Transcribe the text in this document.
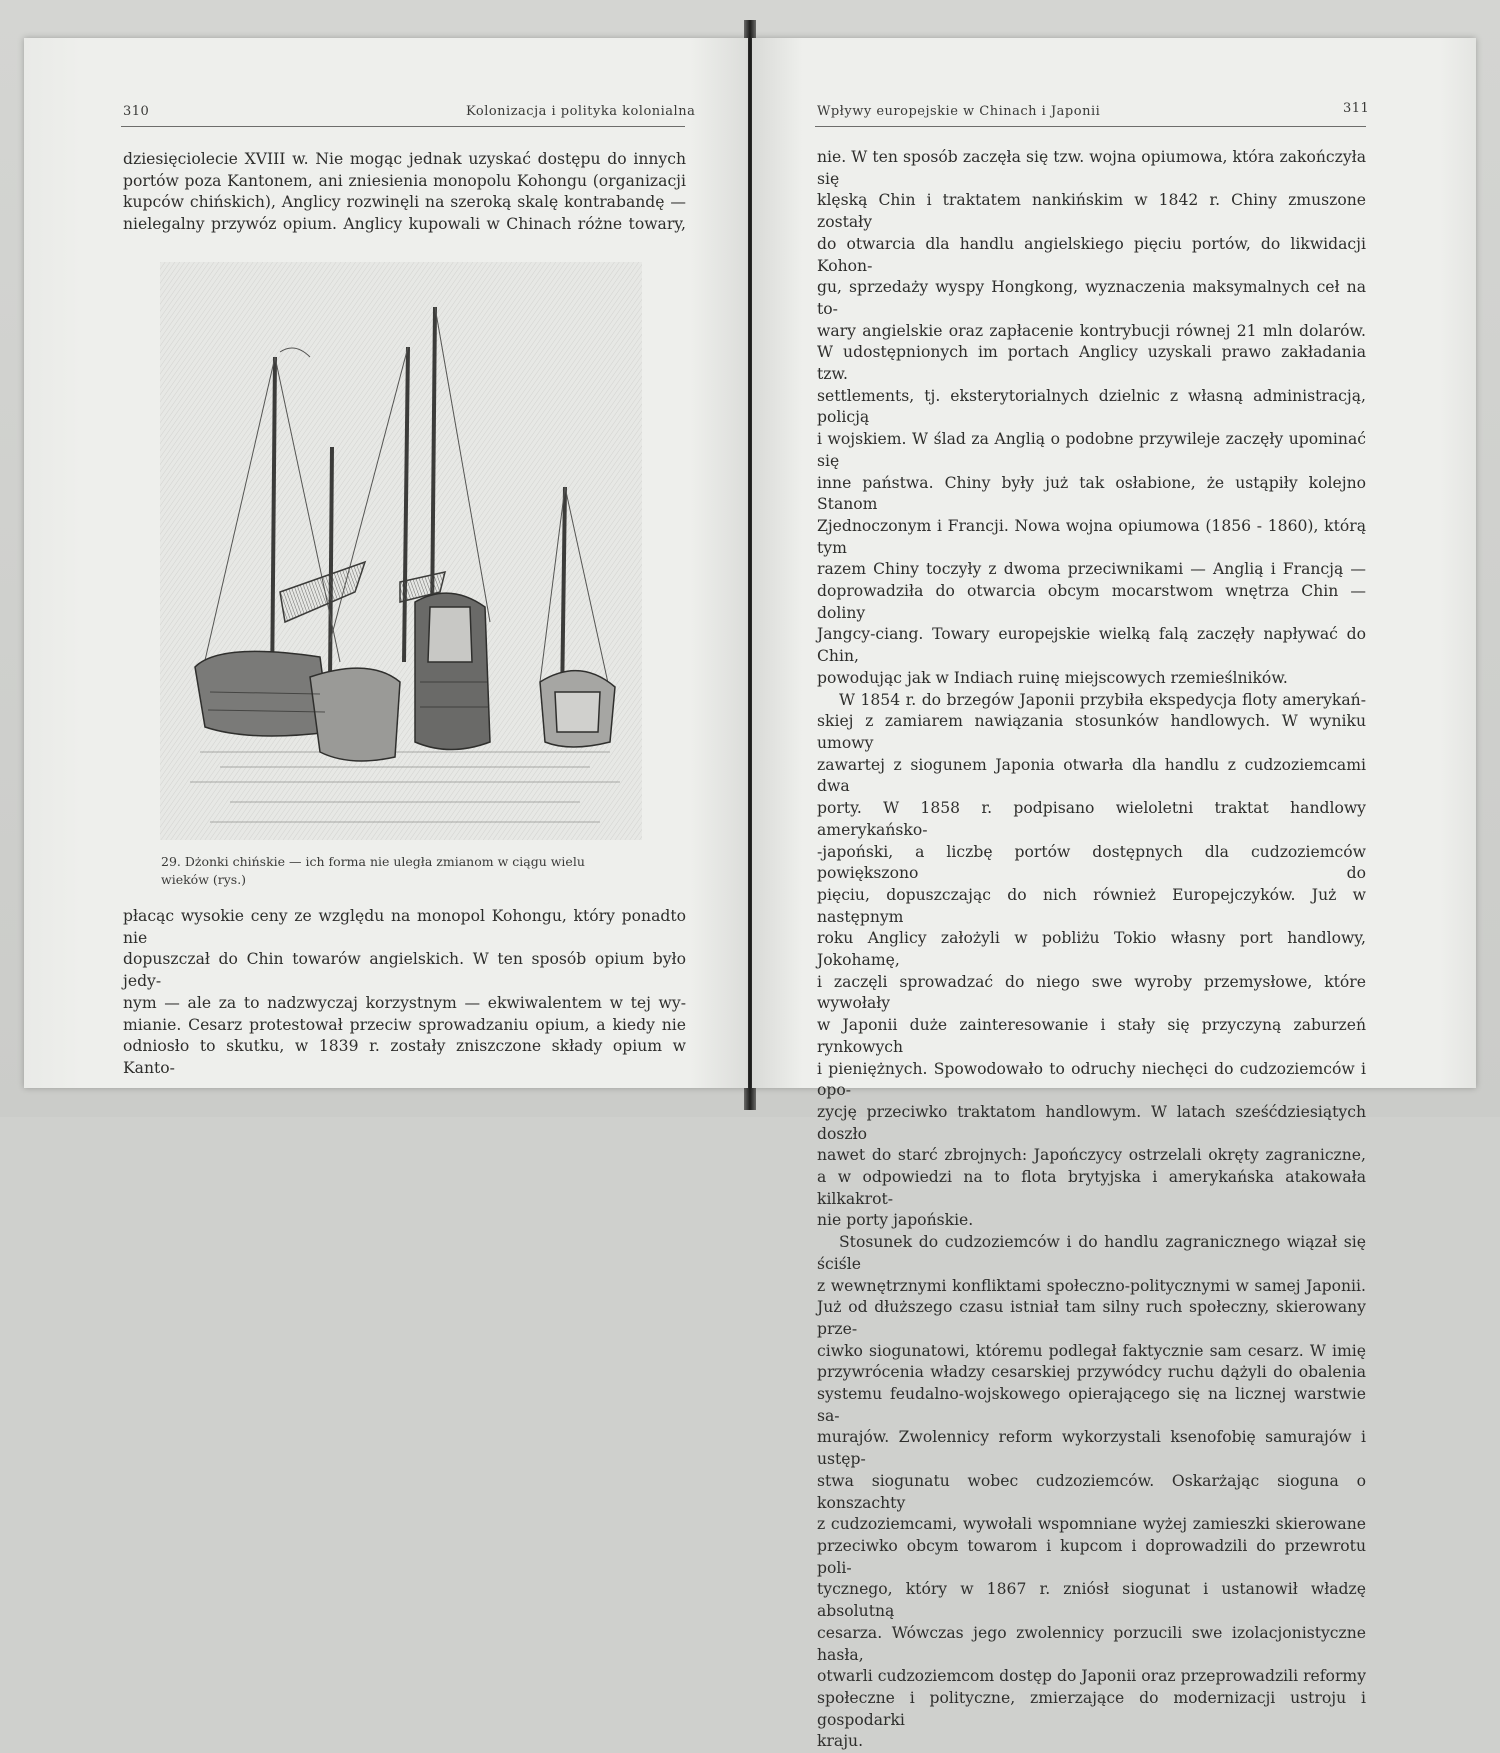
310	Kolonizacja i polityka kolonialna
dziesięciolecie XVIII w. Nie mogąc jednak uzyskać dostępu do innych
portów poza Kantonem, ani zniesienia monopolu Kohongu (organizacji
kupców chińskich), Anglicy rozwinęli na szeroką skalę kontrabandę —
nielegalny przywóz opium. Anglicy kupowali w Chinach różne towary,
29. Dżonki chińskie — ich forma nie uległa zmianom w ciągu wielu
wieków (rys.)
płacąc wysokie ceny ze względu na monopol Kohongu, który ponadto nie
dopuszczał do Chin towarów angielskich. W ten sposób opium było jedy-
nym — ale za to nadzwyczaj korzystnym — ekwiwalentem w tej wy-
mianie. Cesarz protestował przeciw sprowadzaniu opium, a kiedy nie
odniosło to skutku, w 1839 r. zostały zniszczone składy opium w Kanto-
Wpływy europejskie w Chinach i Japonii	311
nie. W ten sposób zaczęła się tzw. wojna opiumowa, która zakończyła się
klęską Chin i traktatem nankińskim w 1842 r. Chiny zmuszone zostały
do otwarcia dla handlu angielskiego pięciu portów, do likwidacji Kohon-
gu, sprzedaży wyspy Hongkong, wyznaczenia maksymalnych ceł na to-
wary angielskie oraz zapłacenie kontrybucji równej 21 mln dolarów.
W udostępnionych im portach Anglicy uzyskali prawo zakładania tzw.
settlements, tj. eksterytorialnych dzielnic z własną administracją, policją
i wojskiem. W ślad za Anglią o podobne przywileje zaczęły upominać się
inne państwa. Chiny były już tak osłabione, że ustąpiły kolejno Stanom
Zjednoczonym i Francji. Nowa wojna opiumowa (1856 - 1860), którą tym
razem Chiny toczyły z dwoma przeciwnikami — Anglią i Francją —
doprowadziła do otwarcia obcym mocarstwom wnętrza Chin — doliny
Jangcy-ciang. Towary europejskie wielką falą zaczęły napływać do Chin,
powodując jak w Indiach ruinę miejscowych rzemieślników.
W 1854 r. do brzegów Japonii przybiła ekspedycja floty amerykań-
skiej z zamiarem nawiązania stosunków handlowych. W wyniku umowy
zawartej z siogunem Japonia otwarła dla handlu z cudzoziemcami dwa
porty. W 1858 r. podpisano wieloletni traktat handlowy amerykańsko-
-japoński, a liczbę portów dostępnych dla cudzoziemców powiększono do
pięciu, dopuszczając do nich również Europejczyków. Już w następnym
roku Anglicy założyli w pobliżu Tokio własny port handlowy, Jokohamę,
i zaczęli sprowadzać do niego swe wyroby przemysłowe, które wywołały
w Japonii duże zainteresowanie i stały się przyczyną zaburzeń rynkowych
i pieniężnych. Spowodowało to odruchy niechęci do cudzoziemców i opo-
zycję przeciwko traktatom handlowym. W latach sześćdziesiątych doszło
nawet do starć zbrojnych: Japończycy ostrzelali okręty zagraniczne,
a w odpowiedzi na to flota brytyjska i amerykańska atakowała kilkakrot-
nie porty japońskie.
Stosunek do cudzoziemców i do handlu zagranicznego wiązał się ściśle
z wewnętrznymi konfliktami społeczno-politycznymi w samej Japonii.
Już od dłuższego czasu istniał tam silny ruch społeczny, skierowany prze-
ciwko siogunatowi, któremu podlegał faktycznie sam cesarz. W imię
przywrócenia władzy cesarskiej przywódcy ruchu dążyli do obalenia
systemu feudalno-wojskowego opierającego się na licznej warstwie sa-
murajów. Zwolennicy reform wykorzystali ksenofobię samurajów i ustęp-
stwa siogunatu wobec cudzoziemców. Oskarżając sioguna o konszachty
z cudzoziemcami, wywołali wspomniane wyżej zamieszki skierowane
przeciwko obcym towarom i kupcom i doprowadzili do przewrotu poli-
tycznego, który w 1867 r. zniósł siogunat i ustanowił władzę absolutną
cesarza. Wówczas jego zwolennicy porzucili swe izolacjonistyczne hasła,
otwarli cudzoziemcom dostęp do Japonii oraz przeprowadzili reformy
społeczne i polityczne, zmierzające do modernizacji ustroju i gospodarki
kraju.
